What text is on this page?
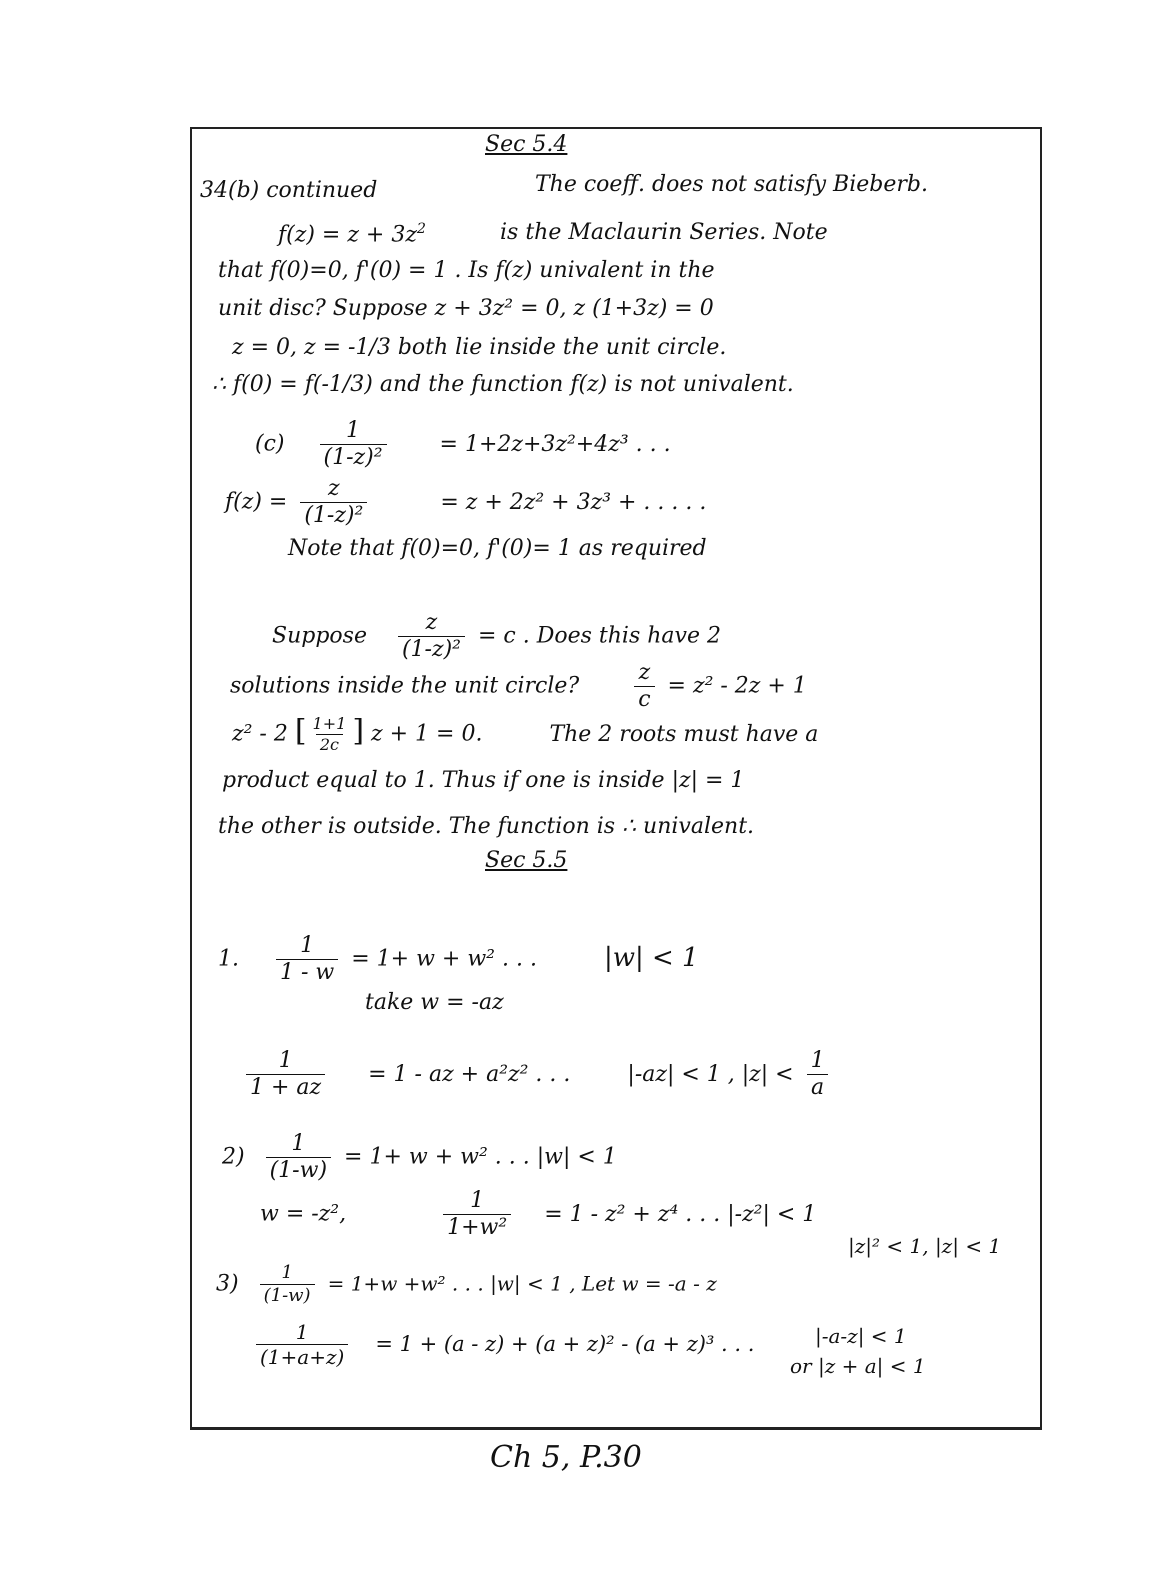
Sec 5.4
34(b) continued	The coeff. does not satisfy Bieberb.
$f(z) = z + 3z^2$	is the Maclaurin Series. Note
that f(0)=0, f'(0) = 1 . Is f(z) univalent in the
unit disc? Suppose z + 3z² = 0, z (1+3z) = 0
z = 0, z = -1/3 both lie inside the unit circle.
∴ f(0) = f(-1/3) and the function f(z) is not univalent.
$(c) \frac{1}{\text{(1-z)²}} = 1+2z+3z^2+4z^3$ . . .
$f(z) = \frac{z}{\text{(1-z)²}}$	= z + 2z² + 3z³ + . . . . .
Note that f(0)=0, f'(0)= 1 as required
Suppose $\frac{z}{\text{(1-z)²}} = c$ . Does this have 2
solutions inside the unit circle?	$\frac{z}{c} = z^2 - 2z + 1$
z² - 2 [ $\frac{1+1}{2c}$ ] z + 1 = 0.	The 2 roots must have a
product equal to 1. Thus if one is inside |z| = 1
the other is outside. The function is ∴ univalent.
Sec 5.5
1. $\frac{1}{1 - w} = 1+ w + w^2$ . . .	|w| < 1
take w = -az
$\frac{1}{1 + az} = 1$ - az + a²z² . . .	|-az| < 1 , $|z| < \frac{1}{a}$
$2) \frac{1}{(1-w)} = 1+ w + w^2$ . . . |w| < 1
w = -z²,	$\frac{1}{\text{1+w²}} = 1 - z^2 + z^4$ . . . |-z²| < 1
|z|² < 1, |z| < 1
$3) \frac{1}{(1-w)} = 1+w +w^2$ . . . |w| < 1 , Let w = -a - z
$\frac{1}{(1+a+z)} = 1 + (a - z) + (a + z)^2 - (a + z)^3$ . . .	|-a-z| < 1
or |z + a| < 1
Ch 5, P.30
